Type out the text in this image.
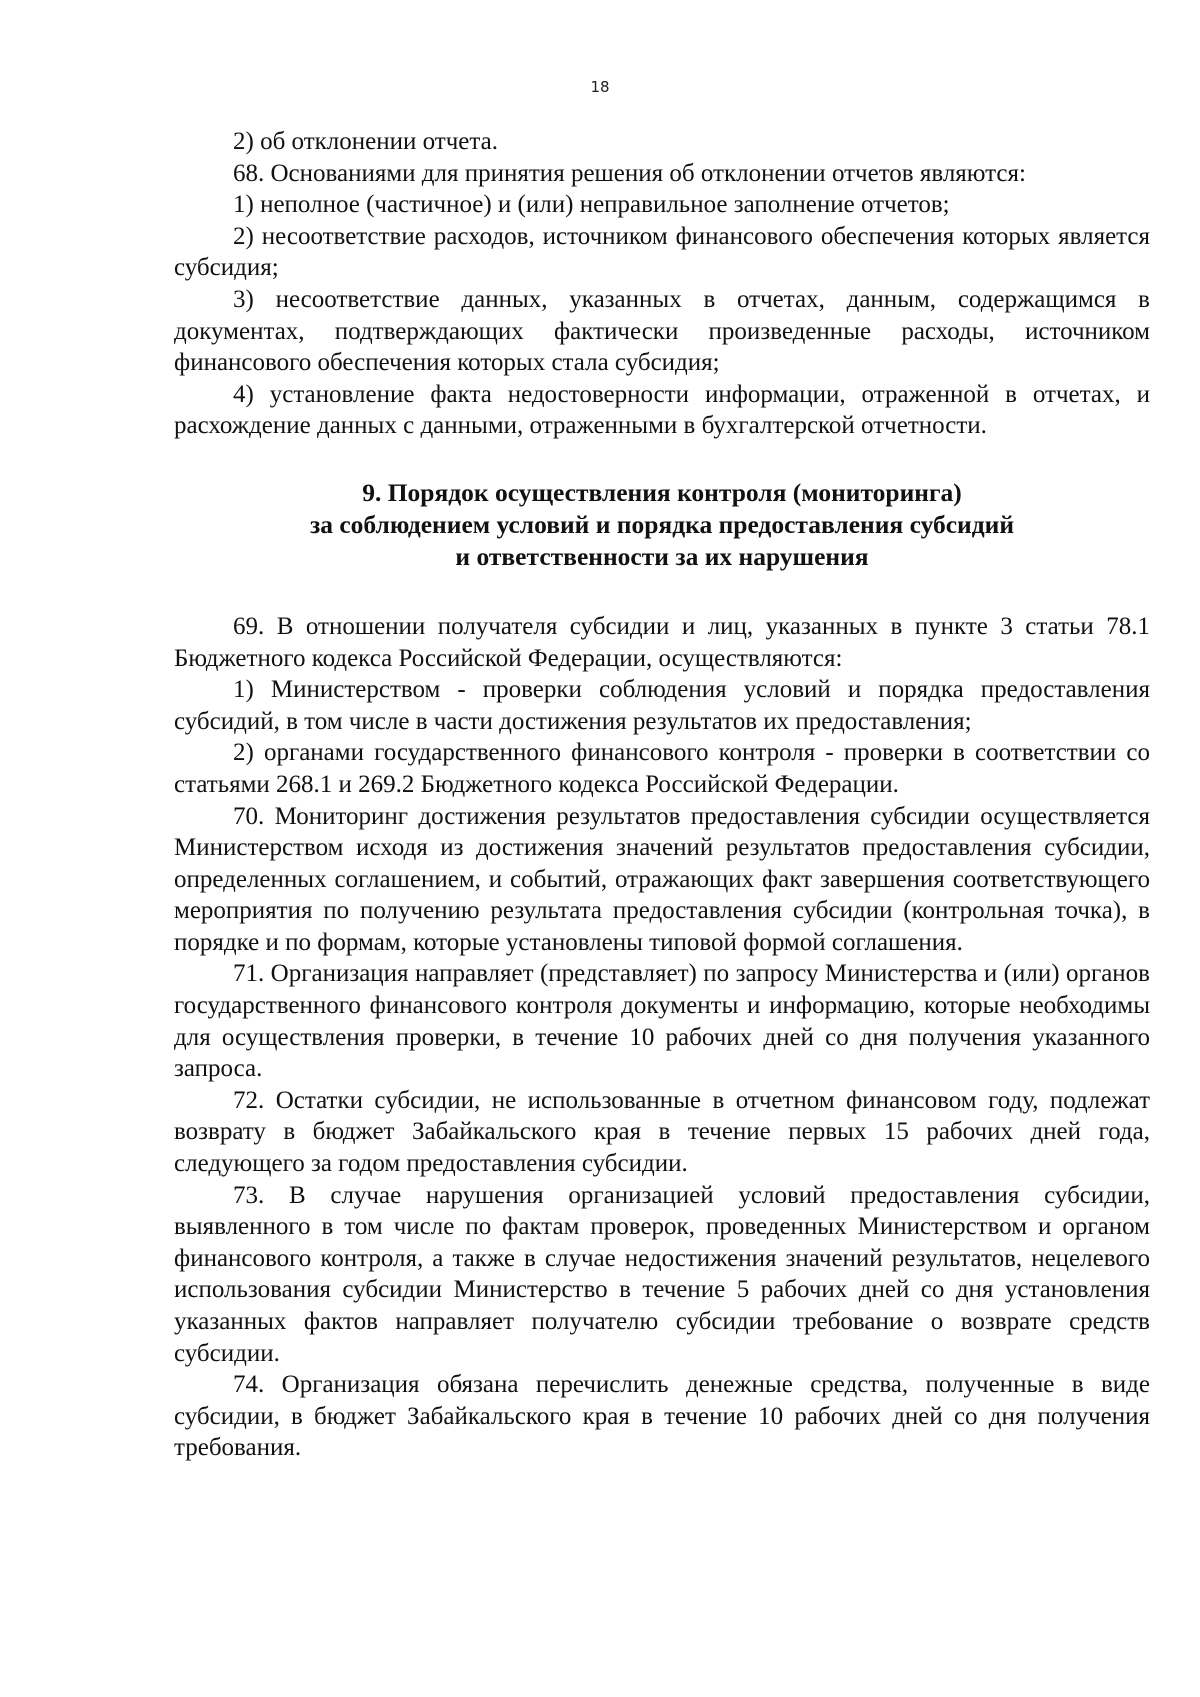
18

2) об отклонении отчета.

68. Основаниями для принятия решения об отклонении отчетов являются:

1) неполное (частичное) и (или) неправильное заполнение отчетов;

2) несоответствие расходов, источником финансового обеспечения которых является субсидия;

3) несоответствие данных, указанных в отчетах, данным, содержащимся в документах, подтверждающих фактически произведенные расходы, источником финансового обеспечения которых стала субсидия;

4) установление факта недостоверности информации, отраженной в отчетах, и расхождение данных с данными, отраженными в бухгалтерской отчетности.

9. Порядок осуществления контроля (мониторинга)
за соблюдением условий и порядка предоставления субсидий
и ответственности за их нарушения

69. В отношении получателя субсидии и лиц, указанных в пункте 3 статьи 78.1 Бюджетного кодекса Российской Федерации, осуществляются:

1) Министерством - проверки соблюдения условий и порядка предоставления субсидий, в том числе в части достижения результатов их предоставления;

2) органами государственного финансового контроля - проверки в соответствии со статьями 268.1 и 269.2 Бюджетного кодекса Российской Федерации.

70. Мониторинг достижения результатов предоставления субсидии осуществляется Министерством исходя из достижения значений результатов предоставления субсидии, определенных соглашением, и событий, отражающих факт завершения соответствующего мероприятия по получению результата предоставления субсидии (контрольная точка), в порядке и по формам, которые установлены типовой формой соглашения.

71. Организация направляет (представляет) по запросу Министерства и (или) органов государственного финансового контроля документы и информацию, которые необходимы для осуществления проверки, в течение 10 рабочих дней со дня получения указанного запроса.

72. Остатки субсидии, не использованные в отчетном финансовом году, подлежат возврату в бюджет Забайкальского края в течение первых 15 рабочих дней года, следующего за годом предоставления субсидии.

73. В случае нарушения организацией условий предоставления субсидии, выявленного в том числе по фактам проверок, проведенных Министерством и органом финансового контроля, а также в случае недостижения значений результатов, нецелевого использования субсидии Министерство в течение 5 рабочих дней со дня установления указанных фактов направляет получателю субсидии требование о возврате средств субсидии.

74. Организация обязана перечислить денежные средства, полученные в виде субсидии, в бюджет Забайкальского края в течение 10 рабочих дней со дня получения требования.
